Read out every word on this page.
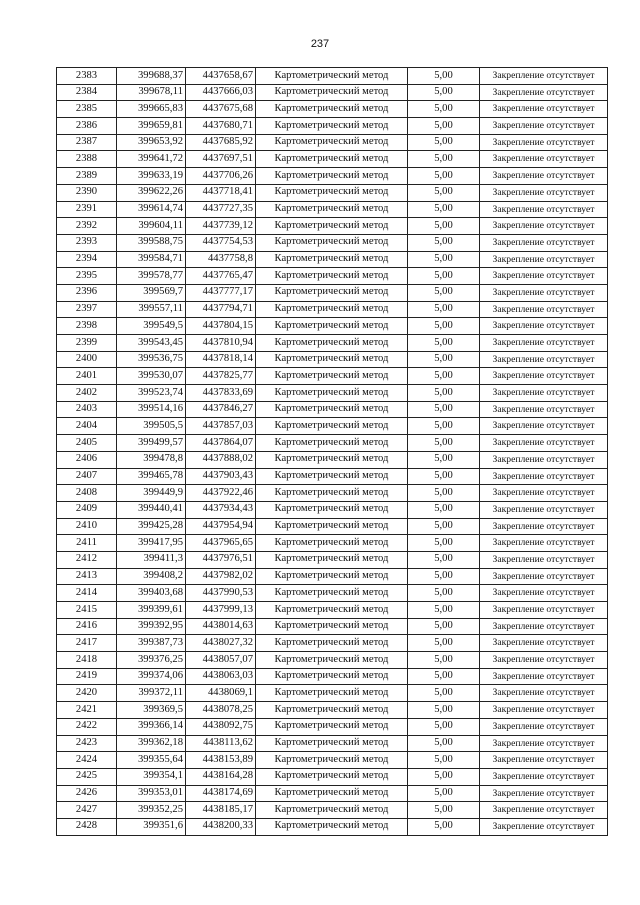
237
2383	399688,37	4437658,67	Картометрический метод	5,00	Закрепление отсутствует
2384	399678,11	4437666,03	Картометрический метод	5,00	Закрепление отсутствует
2385	399665,83	4437675,68	Картометрический метод	5,00	Закрепление отсутствует
2386	399659,81	4437680,71	Картометрический метод	5,00	Закрепление отсутствует
2387	399653,92	4437685,92	Картометрический метод	5,00	Закрепление отсутствует
2388	399641,72	4437697,51	Картометрический метод	5,00	Закрепление отсутствует
2389	399633,19	4437706,26	Картометрический метод	5,00	Закрепление отсутствует
2390	399622,26	4437718,41	Картометрический метод	5,00	Закрепление отсутствует
2391	399614,74	4437727,35	Картометрический метод	5,00	Закрепление отсутствует
2392	399604,11	4437739,12	Картометрический метод	5,00	Закрепление отсутствует
2393	399588,75	4437754,53	Картометрический метод	5,00	Закрепление отсутствует
2394	399584,71	4437758,8	Картометрический метод	5,00	Закрепление отсутствует
2395	399578,77	4437765,47	Картометрический метод	5,00	Закрепление отсутствует
2396	399569,7	4437777,17	Картометрический метод	5,00	Закрепление отсутствует
2397	399557,11	4437794,71	Картометрический метод	5,00	Закрепление отсутствует
2398	399549,5	4437804,15	Картометрический метод	5,00	Закрепление отсутствует
2399	399543,45	4437810,94	Картометрический метод	5,00	Закрепление отсутствует
2400	399536,75	4437818,14	Картометрический метод	5,00	Закрепление отсутствует
2401	399530,07	4437825,77	Картометрический метод	5,00	Закрепление отсутствует
2402	399523,74	4437833,69	Картометрический метод	5,00	Закрепление отсутствует
2403	399514,16	4437846,27	Картометрический метод	5,00	Закрепление отсутствует
2404	399505,5	4437857,03	Картометрический метод	5,00	Закрепление отсутствует
2405	399499,57	4437864,07	Картометрический метод	5,00	Закрепление отсутствует
2406	399478,8	4437888,02	Картометрический метод	5,00	Закрепление отсутствует
2407	399465,78	4437903,43	Картометрический метод	5,00	Закрепление отсутствует
2408	399449,9	4437922,46	Картометрический метод	5,00	Закрепление отсутствует
2409	399440,41	4437934,43	Картометрический метод	5,00	Закрепление отсутствует
2410	399425,28	4437954,94	Картометрический метод	5,00	Закрепление отсутствует
2411	399417,95	4437965,65	Картометрический метод	5,00	Закрепление отсутствует
2412	399411,3	4437976,51	Картометрический метод	5,00	Закрепление отсутствует
2413	399408,2	4437982,02	Картометрический метод	5,00	Закрепление отсутствует
2414	399403,68	4437990,53	Картометрический метод	5,00	Закрепление отсутствует
2415	399399,61	4437999,13	Картометрический метод	5,00	Закрепление отсутствует
2416	399392,95	4438014,63	Картометрический метод	5,00	Закрепление отсутствует
2417	399387,73	4438027,32	Картометрический метод	5,00	Закрепление отсутствует
2418	399376,25	4438057,07	Картометрический метод	5,00	Закрепление отсутствует
2419	399374,06	4438063,03	Картометрический метод	5,00	Закрепление отсутствует
2420	399372,11	4438069,1	Картометрический метод	5,00	Закрепление отсутствует
2421	399369,5	4438078,25	Картометрический метод	5,00	Закрепление отсутствует
2422	399366,14	4438092,75	Картометрический метод	5,00	Закрепление отсутствует
2423	399362,18	4438113,62	Картометрический метод	5,00	Закрепление отсутствует
2424	399355,64	4438153,89	Картометрический метод	5,00	Закрепление отсутствует
2425	399354,1	4438164,28	Картометрический метод	5,00	Закрепление отсутствует
2426	399353,01	4438174,69	Картометрический метод	5,00	Закрепление отсутствует
2427	399352,25	4438185,17	Картометрический метод	5,00	Закрепление отсутствует
2428	399351,6	4438200,33	Картометрический метод	5,00	Закрепление отсутствует
